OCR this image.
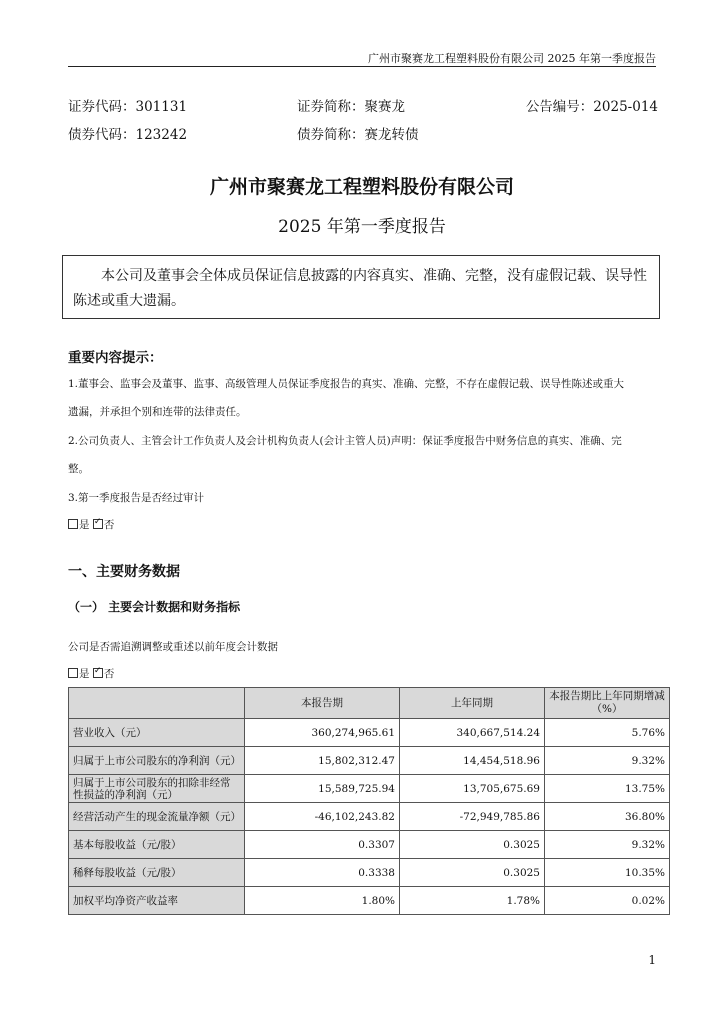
广州市聚赛龙工程塑料股份有限公司 2025 年第一季度报告
证券代码：301131	证券简称：聚赛龙	公告编号：2025-014
债券代码：123242	债券简称：赛龙转债
广州市聚赛龙工程塑料股份有限公司
2025 年第一季度报告

本公司及董事会全体成员保证信息披露的内容真实、准确、完整，没有虚假记载、误导性陈述或重大遗漏。

重要内容提示：
1.董事会、监事会及董事、监事、高级管理人员保证季度报告的真实、准确、完整，不存在虚假记载、误导性陈述或重大
遗漏，并承担个别和连带的法律责任。
2.公司负责人、主管会计工作负责人及会计机构负责人(会计主管人员)声明：保证季度报告中财务信息的真实、准确、完
整。
3.第一季度报告是否经过审计
是 ✓ 否
一、主要财务数据
（一） 主要会计数据和财务指标
公司是否需追溯调整或重述以前年度会计数据
是 ✓ 否
	本报告期	上年同期	本报告期比上年同期增减（%）
营业收入（元）	360,274,965.61	340,667,514.24	5.76%
归属于上市公司股东的净利润（元）	15,802,312.47	14,454,518.96	9.32%
归属于上市公司股东的扣除非经常性损益的净利润（元）	15,589,725.94	13,705,675.69	13.75%
经营活动产生的现金流量净额（元）	-46,102,243.82	-72,949,785.86	36.80%
基本每股收益（元/股）	0.3307	0.3025	9.32%
稀释每股收益（元/股）	0.3338	0.3025	10.35%
加权平均净资产收益率	1.80%	1.78%	0.02%
1
